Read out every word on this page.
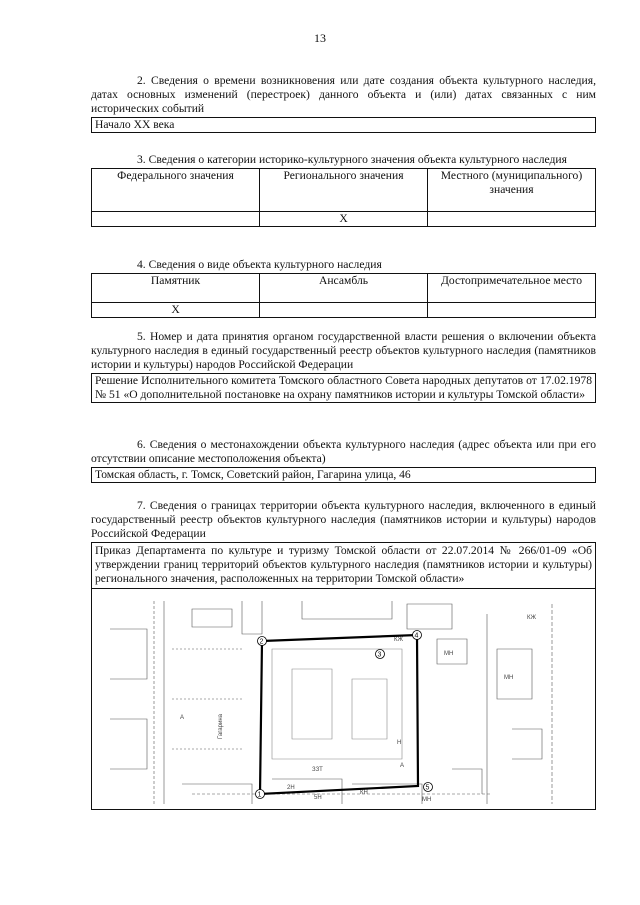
13

2. Сведения о времени возникновения или дате создания объекта культурного наследия, датах основных изменений (перестроек) данного объекта и (или) датах связанных с ним исторических событий

Начало XX века

3. Сведения о категории историко-культурного значения объекта культурного наследия

Федерального значения	Регионального значения	Местного (муниципального) значения
	X	

4. Сведения о виде объекта культурного наследия

Памятник	Ансамбль	Достопримечательное место
X		

5. Номер и дата принятия органом государственной власти решения о включении объекта культурного наследия в единый государственный реестр объектов культурного наследия (памятников истории и культуры) народов Российской Федерации

Решение Исполнительного комитета Томского областного Совета народных депутатов от 17.02.1978 № 51 «О дополнительной постановке на охрану памятников истории и культуры Томской области»

6. Сведения о местонахождении объекта культурного наследия (адрес объекта или при его отсутствии описание местоположения объекта)

Томская область, г. Томск, Советский район, Гагарина улица, 46

7. Сведения о границах территории объекта культурного наследия, включенного в единый государственный реестр объектов культурного наследия (памятников истории и культуры) народов Российской Федерации

Приказ Департамента по культуре и туризму Томской области от 22.07.2014 № 266/01-09 «Об утверждении границ территорий объектов культурного наследия (памятников истории и культуры) регионального значения, расположенных на территории Томской области»
КЖ
ЗЗТ
МН
Н
А
МН
2Н
А
КН
5Н	МН
КЖ
Гагарина
1
2
3
4
5
